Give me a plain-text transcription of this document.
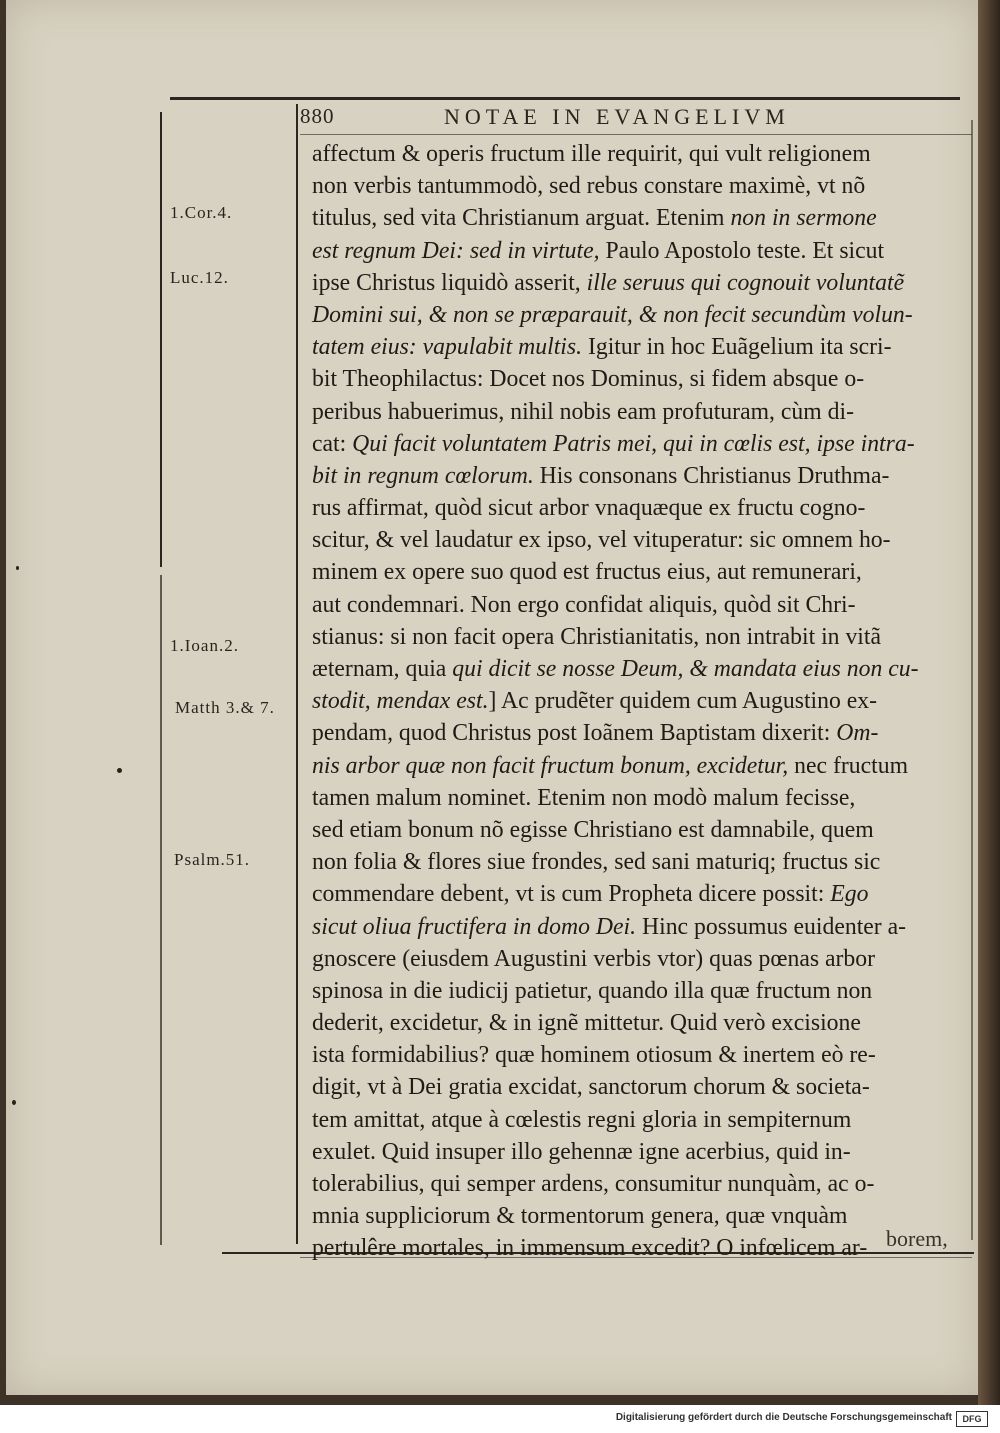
880	NOTAE IN EVANGELIVM
1.Cor.4.
Luc.12.
1.Ioan.2.
Matth 3.& 7.
Psalm.51.
affectum & operis fructum ille requirit, qui vult religionem
non verbis tantummodò, sed rebus constare maximè, vt nõ
titulus, sed vita Christianum arguat. Etenim non in sermone
est regnum Dei: sed in virtute, Paulo Apostolo teste. Et sicut
ipse Christus liquidò asserit, ille seruus qui cognouit voluntatẽ
Domini sui, & non se præparauit, & non fecit secundùm volun-
tatem eius: vapulabit multis. Igitur in hoc Euãgelium ita scri-
bit Theophilactus: Docet nos Dominus, si fidem absque o-
peribus habuerimus, nihil nobis eam profuturam, cùm di-
cat: Qui facit voluntatem Patris mei, qui in cœlis est, ipse intra-
bit in regnum cœlorum. His consonans Christianus Druthma-
rus affirmat, quòd sicut arbor vnaquæque ex fructu cogno-
scitur, & vel laudatur ex ipso, vel vituperatur: sic omnem ho-
minem ex opere suo quod est fructus eius, aut remunerari,
aut condemnari. Non ergo confidat aliquis, quòd sit Chri-
stianus: si non facit opera Christianitatis, non intrabit in vitã
æternam, quia qui dicit se nosse Deum, & mandata eius non cu-
stodit, mendax est.] Ac prudẽter quidem cum Augustino ex-
pendam, quod Christus post Ioãnem Baptistam dixerit: Om-
nis arbor quæ non facit fructum bonum, excidetur, nec fructum
tamen malum nominet. Etenim non modò malum fecisse,
sed etiam bonum nõ egisse Christiano est damnabile, quem
non folia & flores siue frondes, sed sani maturiq; fructus sic
commendare debent, vt is cum Propheta dicere possit: Ego
sicut oliua fructifera in domo Dei. Hinc possumus euidenter a-
gnoscere (eiusdem Augustini verbis vtor) quas pœnas arbor
spinosa in die iudicij patietur, quando illa quæ fructum non
dederit, excidetur, & in ignẽ mittetur. Quid verò excisione
ista formidabilius? quæ hominem otiosum & inertem eò re-
digit, vt à Dei gratia excidat, sanctorum chorum & societa-
tem amittat, atque à cœlestis regni gloria in sempiternum
exulet. Quid insuper illo gehennæ igne acerbius, quid in-
tolerabilius, qui semper ardens, consumitur nunquàm, ac o-
mnia suppliciorum & tormentorum genera, quæ vnquàm
pertulêre mortales, in immensum excedit? O infœlicem ar- borem,
Digitalisierung gefördert durch die Deutsche Forschungsgemeinschaft	DFG
